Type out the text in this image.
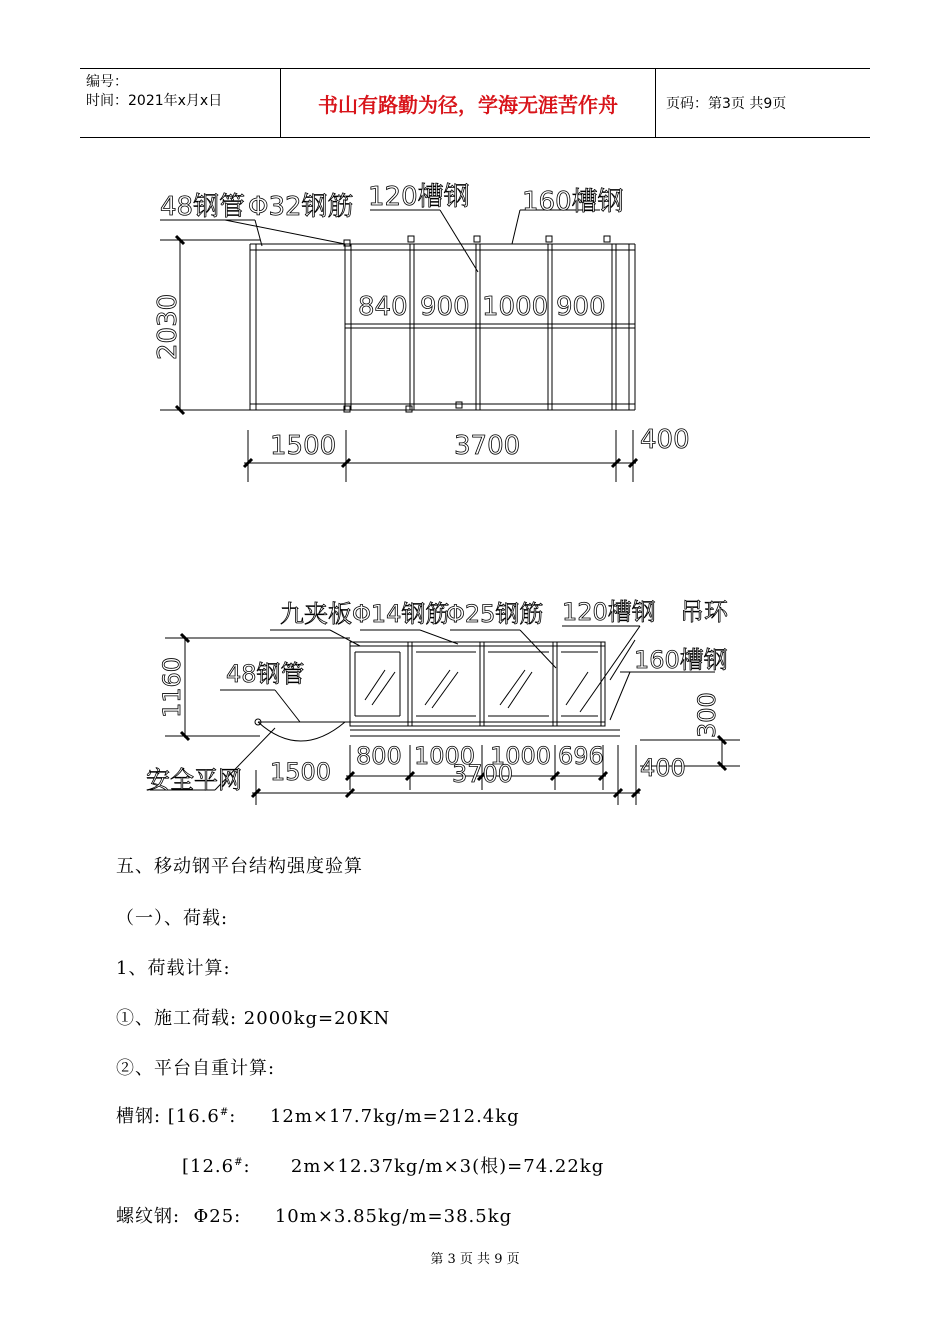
编号：
时间：2021年x月x日	书山有路勤为径，学海无涯苦作舟	页码：第3页 共9页
48钢管 Φ32钢筋 120槽钢 160槽钢
840 900 1000 900
1500	3700	400
2030
九夹板 Φ14钢筋
Φ25钢筋 120槽钢 吊环
160槽钢
48钢管
安全平网
1160	300
800 1000 1000 696
1500	3700	400
五、移动钢平台结构强度验算
（一）、荷载:
1、荷载计算:
①、施工荷载: 2000kg=20KN
②、平台自重计算:
槽钢: [16.6#:     12m×17.7kg/m=212.4kg
[12.6#:      2m×12.37kg/m×3(根)=74.22kg
螺纹钢:  Φ25:     10m×3.85kg/m=38.5kg
第 3 页 共 9 页
